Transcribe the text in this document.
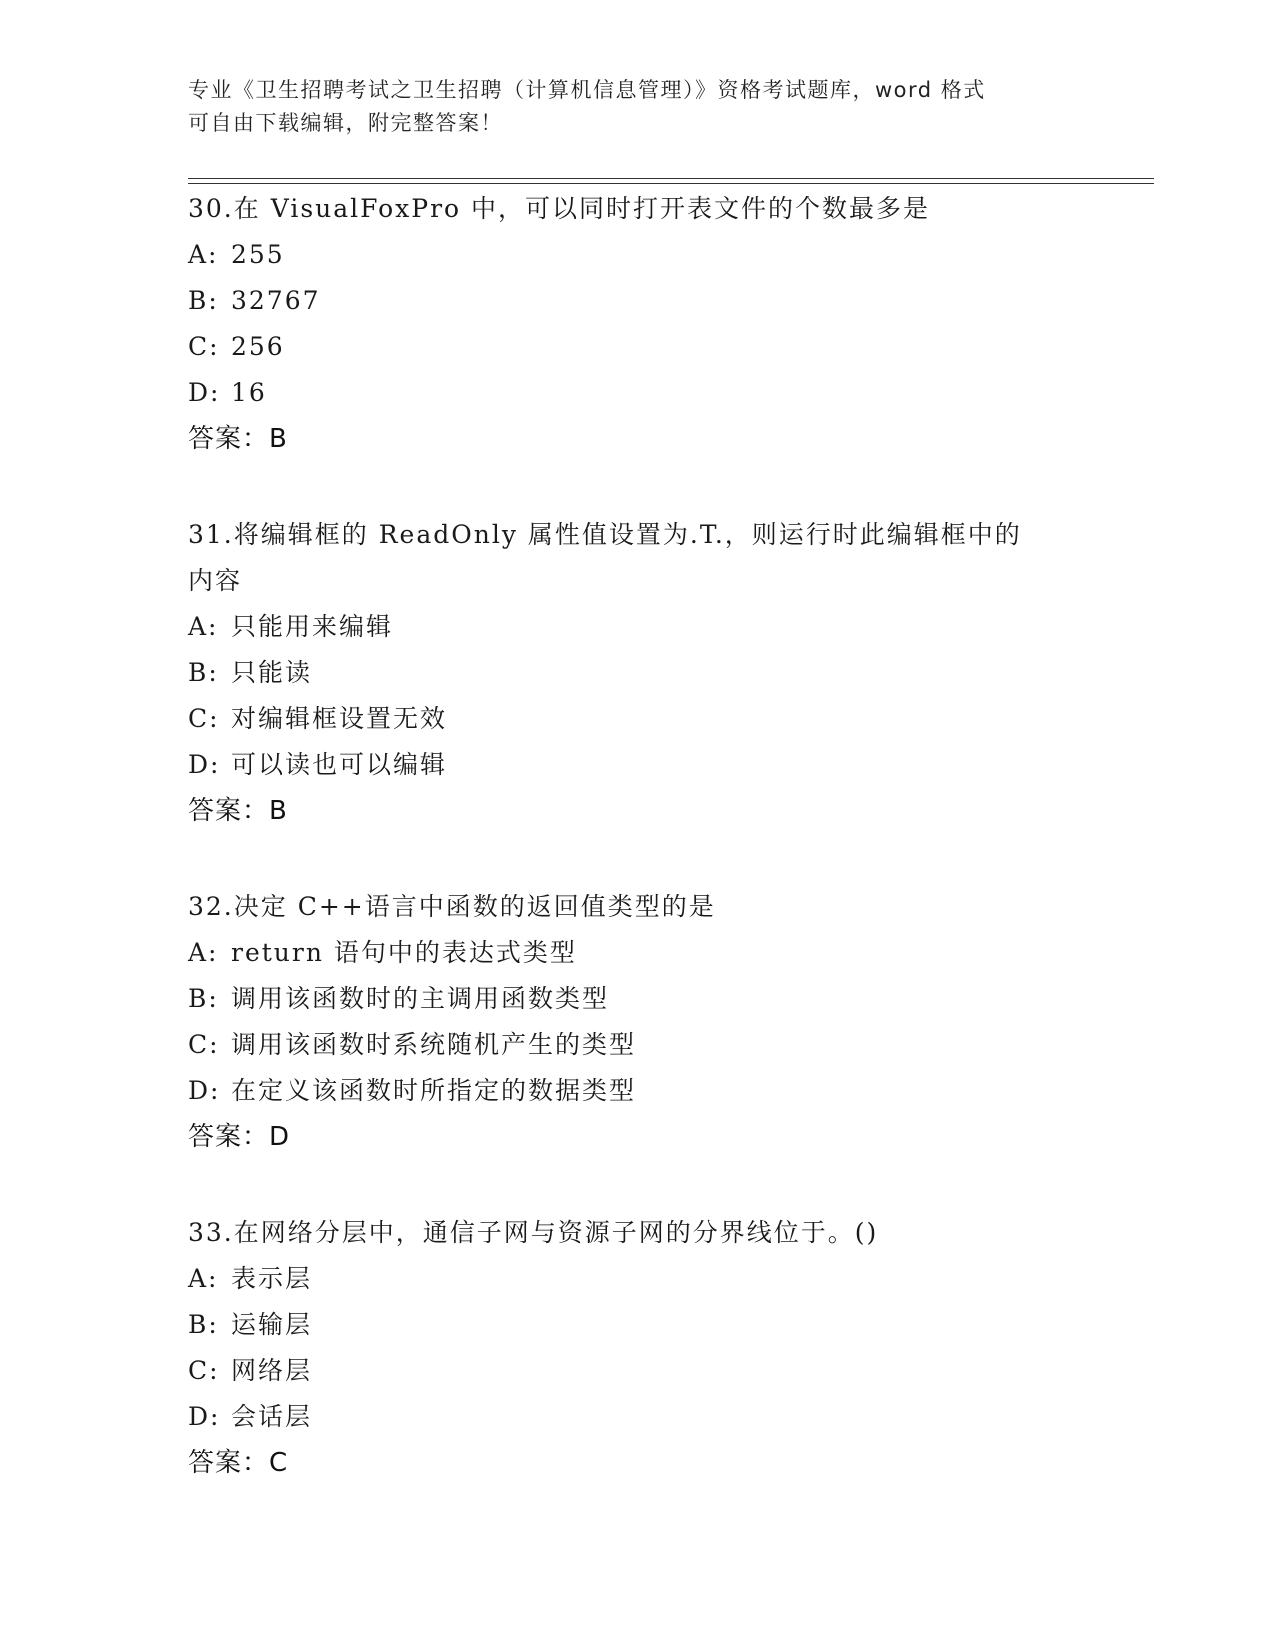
专业《卫生招聘考试之卫生招聘（计算机信息管理）》资格考试题库，word 格式
可自由下载编辑，附完整答案！
30.在 VisualFoxPro 中，可以同时打开表文件的个数最多是
A: 255
B: 32767
C: 256
D: 16
答案：B
31.将编辑框的 ReadOnly 属性值设置为.T.，则运行时此编辑框中的内容
A: 只能用来编辑
B: 只能读
C: 对编辑框设置无效
D: 可以读也可以编辑
答案：B
32.决定 C++语言中函数的返回值类型的是
A: return 语句中的表达式类型
B: 调用该函数时的主调用函数类型
C: 调用该函数时系统随机产生的类型
D: 在定义该函数时所指定的数据类型
答案：D
33.在网络分层中，通信子网与资源子网的分界线位于。()
A: 表示层
B: 运输层
C: 网络层
D: 会话层
答案：C
